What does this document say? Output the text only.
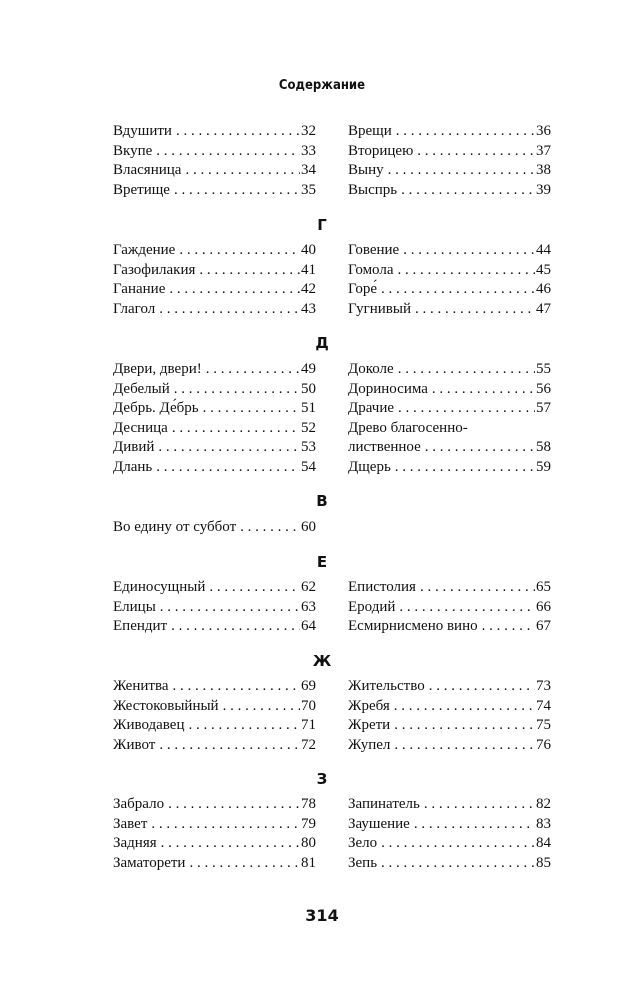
Содержание
Вдушити . . .	32
Вкупе . . .	33
Власяница . . .	34
Вретище . . .	35
Врещи . . .	36
Вторицею . . .	37
Выну . . .	38
Выспрь . . .	39
Г
Гаждение . . .	40
Газофилакия . . .	41
Ганание . . .	42
Глагол . . .	43
Говение . . .	44
Гомола . . .	45
Горе́ . . .	46
Гугнивый . . .	47
Д
Двери, двери! . . .	49
Дебелый . . .	50
Дебрь. Де́брь . . .	51
Десница . . .	52
Дивий . . .	53
Длань . . .	54
Доколе . . .	55
Дориносима . . .	56
Драчие . . .	57
Древо благосенно-
лиственное . . .	58
Дщерь . . .	59
В
Во едину от суббот . . .	60
Е
Единосущный . . .	62
Елицы . . .	63
Епендит . . .	64
Епистолия . . .	65
Еродий . . .	66
Есмирнисмено вино . . .	67
Ж
Женитва . . .	69
Жестоковыйный . . .	70
Живодавец . . .	71
Живот . . .	72
Жительство . . .	73
Жребя . . .	74
Жрети . . .	75
Жупел . . .	76
З
Забрало . . .	78
Завет . . .	79
Задняя . . .	80
Заматорети . . .	81
Запинатель . . .	82
Заушение . . .	83
Зело . . .	84
Зепь . . .	85
314
